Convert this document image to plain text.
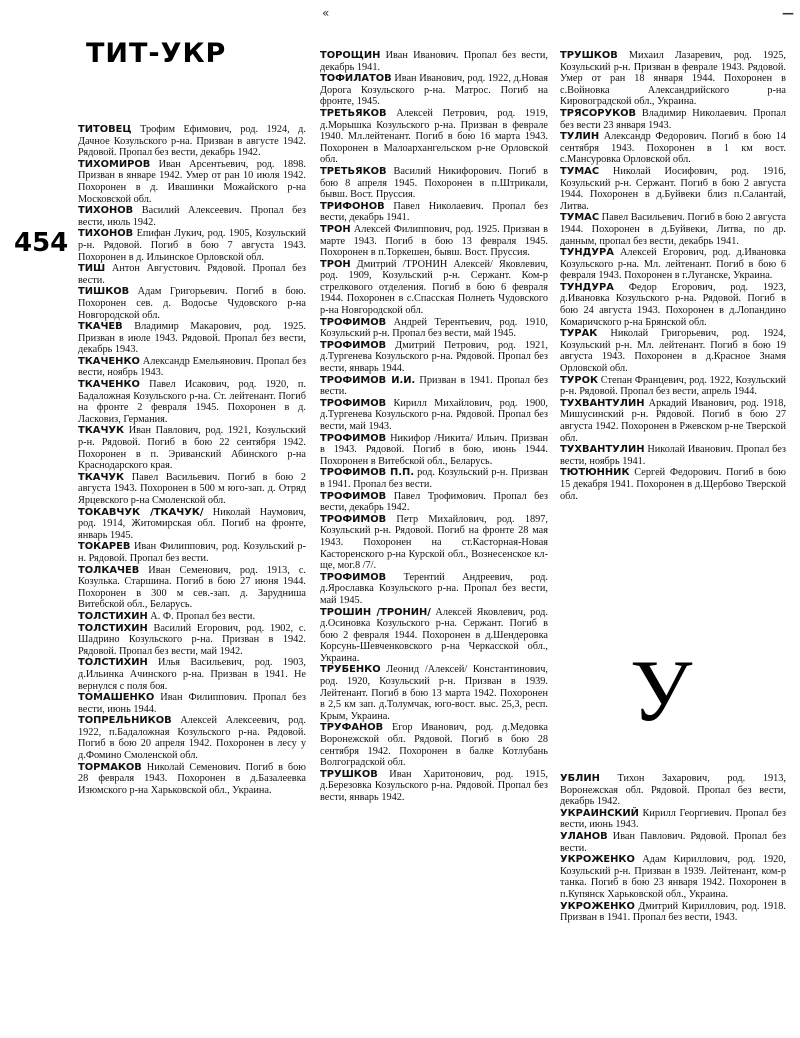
«	—
ТИТ-УКР
454

ТИТОВЕЦ Трофим Ефимович, род. 1924, д. Дачное Козульского р-на. Призван в августе 1942. Рядовой. Пропал без вести, декабрь 1942.

ТИХОМИРОВ Иван Арсентьевич, род. 1898. Призван в январе 1942. Умер от ран 10 июля 1942. Похоронен в д. Ивашинки Можайского р-на Московской обл.

ТИХОНОВ Василий Алексеевич. Пропал без вести, июль 1942.

ТИХОНОВ Епифан Лукич, род. 1905, Козульский р-н. Рядовой. Погиб в бою 7 августа 1943. Похоронен в д. Ильинское Орловской обл.

ТИШ Антон Августович. Рядовой. Пропал без вести.

ТИШКОВ Адам Григорьевич. Погиб в бою. Похоронен сев. д. Водосье Чудовского р-на Новгородской обл.

ТКАЧЕВ Владимир Макарович, род. 1925. Призван в июле 1943. Рядовой. Пропал без вести, декабрь 1943.

ТКАЧЕНКО Александр Емельянович. Пропал без вести, ноябрь 1943.

ТКАЧЕНКО Павел Исакович, род. 1920, п. Бадаложная Козульского р-на. Ст. лейтенант. Погиб на фронте 2 февраля 1945. Похоронен в д. Ласковиз, Германия.

ТКАЧУК Иван Павлович, род. 1921, Козульский р-н. Рядовой. Погиб в бою 22 сентября 1942. Похоронен в п. Эриванский Абинского р-на Краснодарского края.

ТКАЧУК Павел Васильевич. Погиб в бою 2 августа 1943. Похоронен в 500 м юго-зап. д. Отряд Ярцевского р-на Смоленской обл.

ТОКАВЧУК /ТКАЧУК/ Николай Наумович, род. 1914, Житомирская обл. Погиб на фронте, январь 1945.

ТОКАРЕВ Иван Филиппович, род. Козульский р-н. Рядовой. Пропал без вести.

ТОЛКАЧЕВ Иван Семенович, род. 1913, с. Козулька. Старшина. Погиб в бою 27 июня 1944. Похоронен в 300 м сев.-зап. д. Зарудниша Витебской обл., Беларусь.

ТОЛСТИХИН А. Ф. Пропал без вести.

ТОЛСТИХИН Василий Егорович, род. 1902, с. Шадрино Козульского р-на. Призван в 1942. Рядовой. Пропал без вести, май 1942.

ТОЛСТИХИН Илья Васильевич, род. 1903, д.Ильинка Ачинского р-на. Призван в 1941. Не вернулся с поля боя.

ТОМАШЕНКО Иван Филиппович. Пропал без вести, июнь 1944.

ТОПРЕЛЬНИКОВ Алексей Алексеевич, род. 1922, п.Бадаложная Козульского р-на. Рядовой. Погиб в бою 20 апреля 1942. Похоронен в лесу у д.Фомино Смоленской обл.

ТОРМАКОВ Николай Семенович. Погиб в бою 28 февраля 1943. Похоронен в д.Базалеевка Изюмского р-на Харьковской обл., Украина.

ТОРОЩИН Иван Иванович. Пропал без вести, декабрь 1941.

ТОФИЛАТОВ Иван Иванович, род. 1922, д.Новая Дорога Козульского р-на. Матрос. Погиб на фронте, 1945.

ТРЕТЬЯКОВ Алексей Петрович, род. 1919, д.Морышка Козульского р-на. Призван в феврале 1940. Мл.лейтенант. Погиб в бою 16 марта 1943. Похоронен в Малоархангельском р-не Орловской обл.

ТРЕТЬЯКОВ Василий Никифорович. Погиб в бою 8 апреля 1945. Похоронен в п.Штрикали, бывш. Вост. Пруссия.

ТРИФОНОВ Павел Николаевич. Пропал без вести, декабрь 1941.

ТРОН Алексей Филиппович, род. 1925. Призван в марте 1943. Погиб в бою 13 февраля 1945. Похоронен в п.Торкешен, бывш. Вост. Пруссия.

ТРОН Дмитрий /ТРОНИН Алексей/ Яковлевич, род. 1909, Козульский р-н. Сержант. Ком-р стрелкового отделения. Погиб в бою 6 февраля 1944. Похоронен в с.Спасская Полнеть Чудовского р-на Новгородской обл.

ТРОФИМОВ Андрей Терентьевич, род. 1910, Козульский р-н. Пропал без вести, май 1945.

ТРОФИМОВ Дмитрий Петрович, род. 1921, д.Тургенева Козульского р-на. Рядовой. Пропал без вести, январь 1944.

ТРОФИМОВ И.И. Призван в 1941. Пропал без вести.

ТРОФИМОВ Кирилл Михайлович, род. 1900, д.Тургенева Козульского р-на. Рядовой. Пропал без вести, май 1943.

ТРОФИМОВ Никифор /Никита/ Ильич. Призван в 1943. Рядовой. Погиб в бою, июнь 1944. Похоронен в Витебской обл., Беларусь.

ТРОФИМОВ П.П. род. Козульский р-н. Призван в 1941. Пропал без вести.

ТРОФИМОВ Павел Трофимович. Пропал без вести, декабрь 1942.

ТРОФИМОВ Петр Михайлович, род. 1897, Козульский р-н. Рядовой. Погиб на фронте 28 мая 1943. Похоронен на ст.Касторная-Новая Касторенского р-на Курской обл., Вознесенское кл-ще, мог.8 /7/.

ТРОФИМОВ Терентий Андреевич, род. д.Ярославка Козульского р-на. Пропал без вести, май 1945.

ТРОШИН /ТРОНИН/ Алексей Яковлевич, род. д.Осиновка Козульского р-на. Сержант. Погиб в бою 2 февраля 1944. Похоронен в д.Шендеровка Корсунь-Шевченковского р-на Черкасской обл., Украина.

ТРУБЕНКО Леонид /Алексей/ Константинович, род. 1920, Козульский р-н. Призван в 1939. Лейтенант. Погиб в бою 13 марта 1942. Похоронен в 2,5 км зап. д.Толумчак, юго-вост. выс. 25,3, респ. Крым, Украина.

ТРУФАНОВ Егор Иванович, род. д.Медовка Воронежской обл. Рядовой. Погиб в бою 28 сентября 1942. Похоронен в балке Котлубань Волгоградской обл.

ТРУШКОВ Иван Харитонович, род. 1915, д.Березовка Козульского р-на. Рядовой. Пропал без вести, январь 1942.

ТРУШКОВ Михаил Лазаревич, род. 1925, Козульский р-н. Призван в феврале 1943. Рядовой. Умер от ран 18 января 1944. Похоронен в с.Войновка Александрийского р-на Кировоградской обл., Украина.

ТРЯСОРУКОВ Владимир Николаевич. Пропал без вести 23 января 1943.

ТУЛИН Александр Федорович. Погиб в бою 14 сентября 1943. Похоронен в 1 км вост. с.Мансуровка Орловской обл.

ТУМАС Николай Иосифович, род. 1916, Козульский р-н. Сержант. Погиб в бою 2 августа 1944. Похоронен в д.Буйвеки близ п.Салантай, Литва.

ТУМАС Павел Васильевич. Погиб в бою 2 августа 1944. Похоронен в д.Буйвеки, Литва, по др. данным, пропал без вести, декабрь 1941.

ТУНДУРА Алексей Егорович, род. д.Ивановка Козульского р-на. Мл. лейтенант. Погиб в бою 6 февраля 1943. Похоронен в г.Луганске, Украина.

ТУНДУРА Федор Егорович, род. 1923, д.Ивановка Козульского р-на. Рядовой. Погиб в бою 24 августа 1943. Похоронен в д.Лопандино Комаричского р-на Брянской обл.

ТУРАК Николай Григорьевич, род. 1924, Козульский р-н. Мл. лейтенант. Погиб в бою 19 августа 1943. Похоронен в д.Красное Знамя Орловской обл.

ТУРОК Степан Францевич, род. 1922, Козульский р-н. Рядовой. Пропал без вести, апрель 1944.

ТУХВАНТУЛИН Аркадий Иванович, род. 1918, Мишусинский р-н. Рядовой. Погиб в бою 27 августа 1942. Похоронен в Ржевском р-не Тверской обл.

ТУХВАНТУЛИН Николай Иванович. Пропал без вести, ноябрь 1941.

ТЮТЮННИК Сергей Федорович. Погиб в бою 15 декабря 1941. Похоронен в д.Щербово Тверской обл.

У

УБЛИН Тихон Захарович, род. 1913, Воронежская обл. Рядовой. Пропал без вести, декабрь 1942.

УКРАИНСКИЙ Кирилл Георгиевич. Пропал без вести, июнь 1943.

УЛАНОВ Иван Павлович. Рядовой. Пропал без вести.

УКРОЖЕНКО Адам Кириллович, род. 1920, Козульский р-н. Призван в 1939. Лейтенант, ком-р танка. Погиб в бою 23 января 1942. Похоронен в п.Купянск Харьковской обл., Украина.

УКРОЖЕНКО Дмитрий Кириллович, род. 1918. Призван в 1941. Пропал без вести, 1943.
